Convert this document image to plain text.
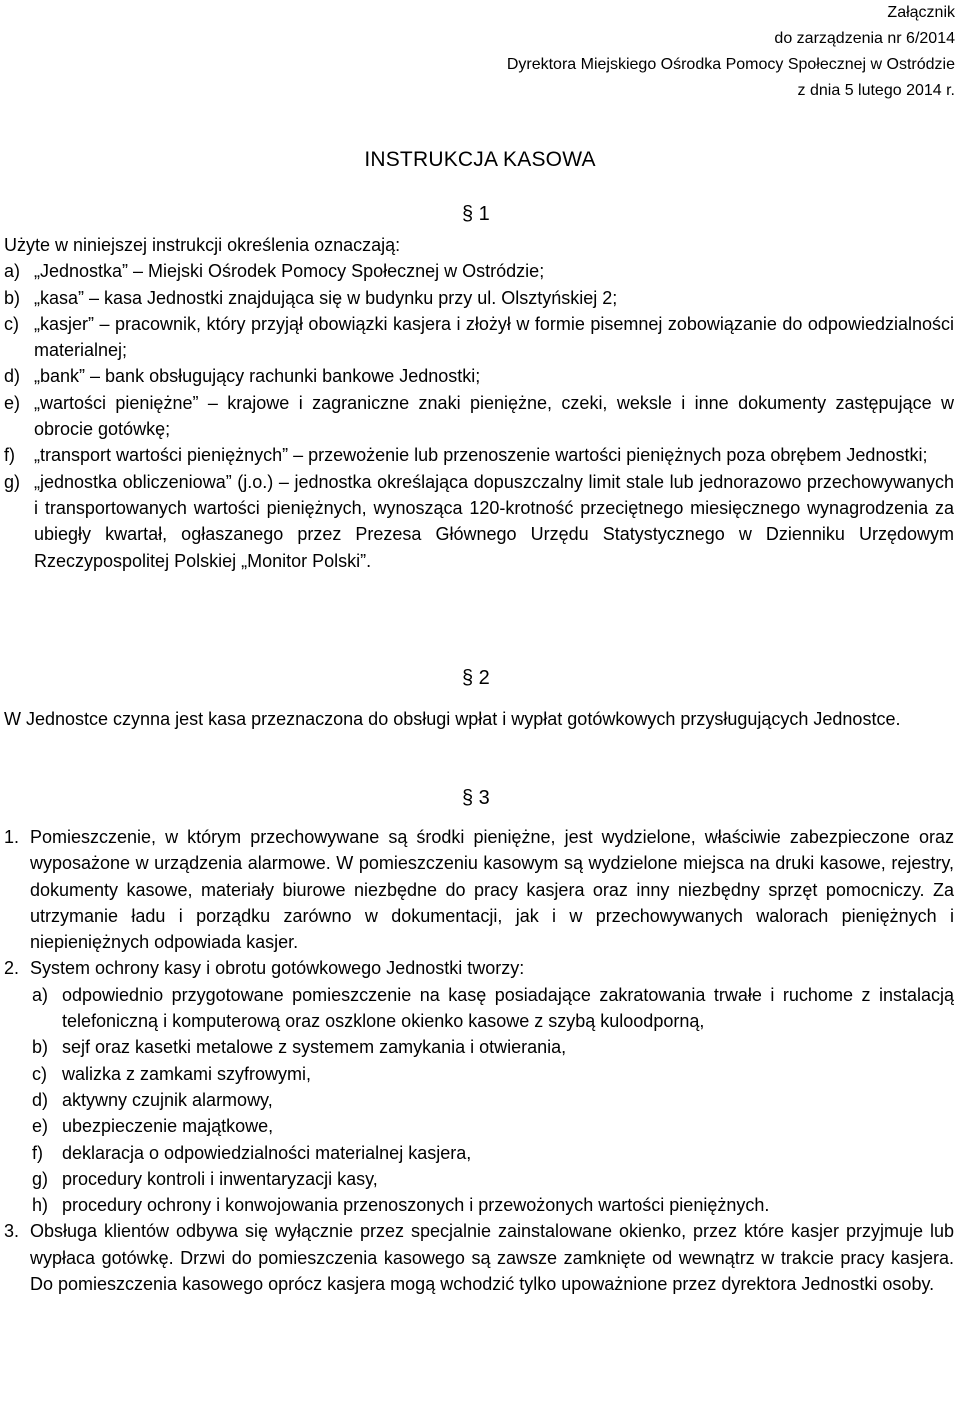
Załącznik
do zarządzenia nr 6/2014
Dyrektora Miejskiego Ośrodka Pomocy Społecznej w Ostródzie
z dnia 5 lutego 2014 r.
INSTRUKCJA KASOWA
§ 1

Użyte w niniejszej instrukcji określenia oznaczają:

a) „Jednostka” – Miejski Ośrodek Pomocy Społecznej w Ostródzie;
b) „kasa” – kasa Jednostki znajdująca się w budynku przy ul. Olsztyńskiej 2;
c) „kasjer” – pracownik, który przyjął obowiązki kasjera i złożył w formie pisemnej zobowiązanie do odpowiedzialności materialnej;
d) „bank” – bank obsługujący rachunki bankowe Jednostki;
e) „wartości pieniężne” – krajowe i zagraniczne znaki pieniężne, czeki, weksle i inne dokumenty zastępujące w obrocie gotówkę;
f)	„transport wartości pieniężnych” – przewożenie lub przenoszenie wartości pieniężnych poza obrębem Jednostki;
g) „jednostka obliczeniowa” (j.o.) – jednostka określająca dopuszczalny limit stale lub jednorazowo przechowywanych i transportowanych wartości pieniężnych, wynosząca 120-krotność przeciętnego miesięcznego wynagrodzenia za ubiegły kwartał, ogłaszanego przez Prezesa Głównego Urzędu Statystycznego w Dzienniku Urzędowym Rzeczypospolitej Polskiej „Monitor Polski”.
§ 2

W Jednostce czynna jest kasa przeznaczona do obsługi wpłat i wypłat gotówkowych przysługujących Jednostce.

§ 3
1. Pomieszczenie, w którym przechowywane są środki pieniężne, jest wydzielone, właściwie zabezpieczone oraz wyposażone w urządzenia alarmowe. W pomieszczeniu kasowym są wydzielone miejsca na druki kasowe, rejestry, dokumenty kasowe, materiały biurowe niezbędne do pracy kasjera oraz inny niezbędny sprzęt pomocniczy. Za utrzymanie ładu i porządku zarówno w dokumentacji, jak i w przechowywanych walorach pieniężnych i niepieniężnych odpowiada kasjer.
2. System ochrony kasy i obrotu gotówkowego Jednostki tworzy:
a) odpowiednio przygotowane pomieszczenie na kasę posiadające zakratowania trwałe i ruchome z instalacją telefoniczną i komputerową oraz oszklone okienko kasowe z szybą kuloodporną,
b) sejf oraz kasetki metalowe z systemem zamykania i otwierania,
c) walizka z zamkami szyfrowymi,
d) aktywny czujnik alarmowy,
e) ubezpieczenie majątkowe,
f)	deklaracja o odpowiedzialności materialnej kasjera,
g) procedury kontroli i inwentaryzacji kasy,
h) procedury ochrony i konwojowania przenoszonych i przewożonych wartości pieniężnych.
3. Obsługa klientów odbywa się wyłącznie przez specjalnie zainstalowane okienko, przez które kasjer przyjmuje lub wypłaca gotówkę. Drzwi do pomieszczenia kasowego są zawsze zamknięte od wewnątrz w trakcie pracy kasjera. Do pomieszczenia kasowego oprócz kasjera mogą wchodzić tylko upoważnione przez dyrektora Jednostki osoby.
